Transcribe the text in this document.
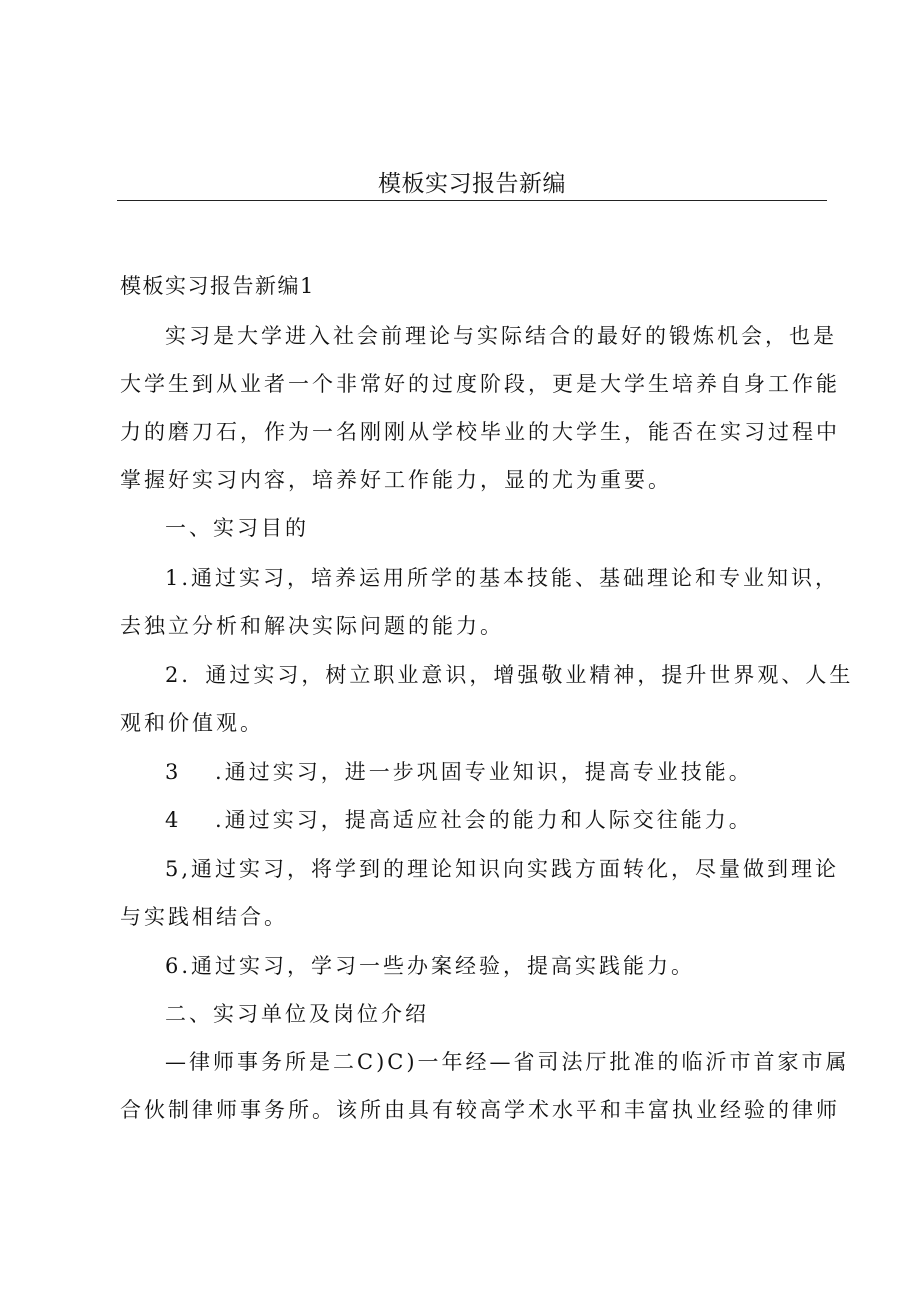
模板实习报告新编

模板实习报告新编1

实习是大学进入社会前理论与实际结合的最好的锻炼机会，也是

大学生到从业者一个非常好的过度阶段，更是大学生培养自身工作能

力的磨刀石，作为一名刚刚从学校毕业的大学生，能否在实习过程中

掌握好实习内容，培养好工作能力，显的尤为重要。

一、实习目的

1.通过实习，培养运用所学的基本技能、基础理论和专业知识，

去独立分析和解决实际问题的能力。

2．通过实习，树立职业意识，增强敬业精神，提升世界观、人生

观和价值观。

3　 .通过实习，进一步巩固专业知识，提高专业技能。

4　 .通过实习，提高适应社会的能力和人际交往能力。

5,通过实习，将学到的理论知识向实践方面转化，尽量做到理论

与实践相结合。

6.通过实习，学习一些办案经验，提高实践能力。

二、实习单位及岗位介绍

—律师事务所是二C)C)一年经—省司法厅批准的临沂市首家市属

合伙制律师事务所。该所由具有较高学术水平和丰富执业经验的律师
